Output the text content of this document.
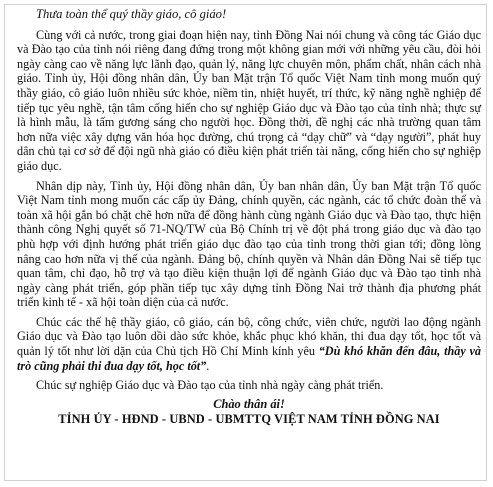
Thưa toàn thể quý thầy giáo, cô giáo!

Cùng với cả nước, trong giai đoạn hiện nay, tỉnh Đồng Nai nói chung và công tác Giáo dục và Đào tạo của tỉnh nói riêng đang đứng trong một không gian mới với những yêu cầu, đòi hỏi ngày càng cao về năng lực lãnh đạo, quản lý, năng lực chuyên môn, phẩm chất, nhân cách nhà giáo. Tỉnh ủy, Hội đồng nhân dân, Ủy ban Mặt trận Tổ quốc Việt Nam tỉnh mong muốn quý thầy giáo, cô giáo luôn nhiều sức khỏe, niềm tin, nhiệt huyết, trí thức, kỹ năng nghề nghiệp để tiếp tục yêu nghề, tận tâm cống hiến cho sự nghiệp Giáo dục và Đào tạo của tỉnh nhà; thực sự là hình mẫu, là tấm gương sáng cho người học. Đồng thời, đề nghị các nhà trường quan tâm hơn nữa việc xây dựng văn hóa học đường, chú trọng cả “dạy chữ” và “dạy người”, phát huy dân chủ tại cơ sở để đội ngũ nhà giáo có điều kiện phát triển tài năng, cống hiến cho sự nghiệp giáo dục.

Nhân dịp này, Tỉnh ủy, Hội đồng nhân dân, Ủy ban nhân dân, Ủy ban Mặt trận Tổ quốc Việt Nam tỉnh mong muốn các cấp ủy Đảng, chính quyền, các ngành, các tổ chức đoàn thể và toàn xã hội gắn bó chặt chẽ hơn nữa để đồng hành cùng ngành Giáo dục và Đào tạo, thực hiện thành công Nghị quyết số 71-NQ/TW của Bộ Chính trị về đột phá trong giáo dục và đào tạo phù hợp với định hướng phát triển giáo dục đào tạo của tỉnh trong thời gian tới; đồng lòng nâng cao hơn nữa vị thế của ngành. Đảng bộ, chính quyền và Nhân dân Đồng Nai sẽ tiếp tục quan tâm, chỉ đạo, hỗ trợ và tạo điều kiện thuận lợi để ngành Giáo dục và Đào tạo tỉnh nhà ngày càng phát triển, góp phần tiếp tục xây dựng tỉnh Đồng Nai trở thành địa phương phát triển kinh tế - xã hội toàn diện của cả nước.

Chúc các thế hệ thầy giáo, cô giáo, cán bộ, công chức, viên chức, người lao động ngành Giáo dục và Đào tạo luôn dồi dào sức khỏe, khắc phục khó khăn, thi đua dạy tốt, học tốt và quản lý tốt như lời dặn của Chủ tịch Hồ Chí Minh kính yêu “Dù khó khăn đến đâu, thầy và trò cũng phải thi đua dạy tốt, học tốt”.

Chúc sự nghiệp Giáo dục và Đào tạo của tỉnh nhà ngày càng phát triển.

Chào thân ái!

TỈNH ỦY - HĐND - UBND - UBMTTQ VIỆT NAM TỈNH ĐỒNG NAI
